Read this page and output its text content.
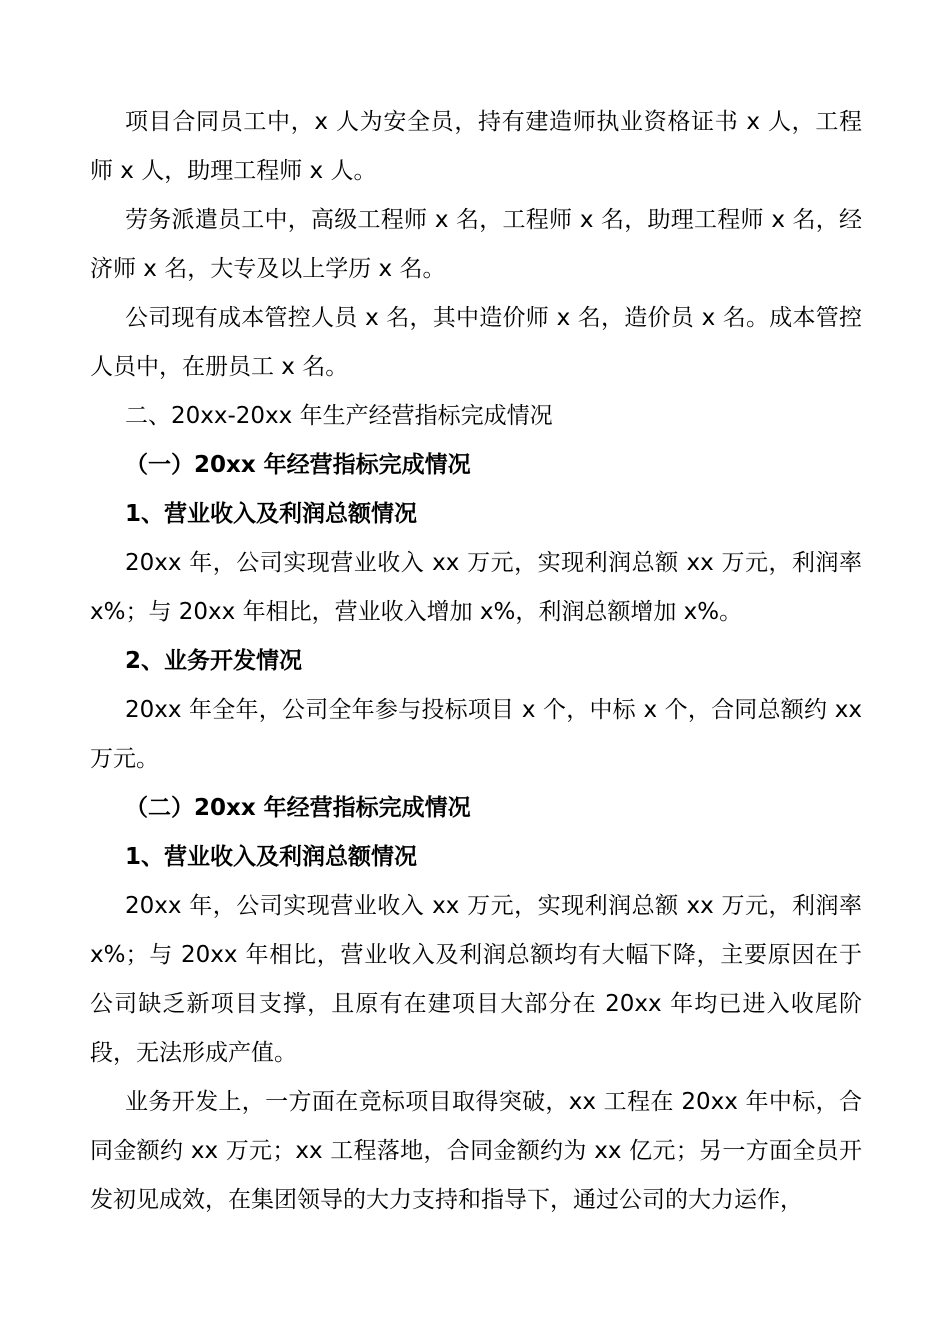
项目合同员工中，x 人为安全员，持有建造师执业资格证书 x 人，工程师 x 人，助理工程师 x 人。

劳务派遣员工中，高级工程师 x 名，工程师 x 名，助理工程师 x 名，经济师 x 名，大专及以上学历 x 名。

公司现有成本管控人员 x 名，其中造价师 x 名，造价员 x 名。成本管控人员中，在册员工 x 名。

二、20xx-20xx 年生产经营指标完成情况

（一）20xx 年经营指标完成情况

1、营业收入及利润总额情况

20xx 年，公司实现营业收入 xx 万元，实现利润总额 xx 万元，利润率 x%；与 20xx 年相比，营业收入增加 x%，利润总额增加 x%。

2、业务开发情况

20xx 年全年，公司全年参与投标项目 x 个，中标 x 个，合同总额约 xx 万元。

（二）20xx 年经营指标完成情况

1、营业收入及利润总额情况

20xx 年，公司实现营业收入 xx 万元，实现利润总额 xx 万元，利润率 x%；与 20xx 年相比，营业收入及利润总额均有大幅下降，主要原因在于公司缺乏新项目支撑，且原有在建项目大部分在 20xx 年均已进入收尾阶段，无法形成产值。

业务开发上，一方面在竞标项目取得突破，xx 工程在 20xx 年中标，合同金额约 xx 万元；xx 工程落地，合同金额约为 xx 亿元；另一方面全员开发初见成效，在集团领导的大力支持和指导下，通过公司的大力运作，
